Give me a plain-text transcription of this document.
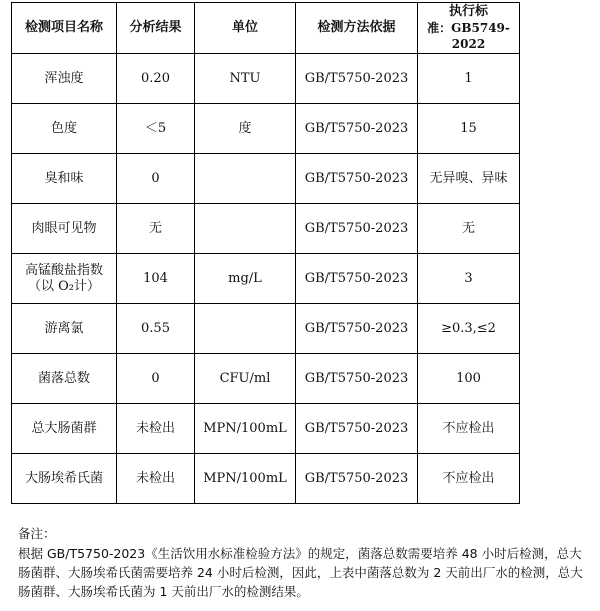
检测项目名称	分析结果	单位	检测方法依据	执行标
准：GB5749-2022

浑浊度	0.20	NTU	GB/T5750-2023	1
色度	＜5	度	GB/T5750-2023	15
臭和味	0		GB/T5750-2023	无异嗅、异味
肉眼可见物	无		GB/T5750-2023	无
高锰酸盐指数
（以 O₂计）	104	mg/L	GB/T5750-2023	3
游离氯	0.55		GB/T5750-2023	≥0.3,≤2
菌落总数	0	CFU/ml	GB/T5750-2023	100
总大肠菌群	未检出	MPN/100mL	GB/T5750-2023	不应检出
大肠埃希氏菌	未检出	MPN/100mL	GB/T5750-2023	不应检出
备注：
根据 GB/T5750-2023《生活饮用水标准检验方法》的规定，菌落总数需要培养 48 小时后检测，总大肠菌群、大肠埃希氏菌需要培养 24 小时后检测，因此，上表中菌落总数为 2 天前出厂水的检测，总大肠菌群、大肠埃希氏菌为 1 天前出厂水的检测结果。
